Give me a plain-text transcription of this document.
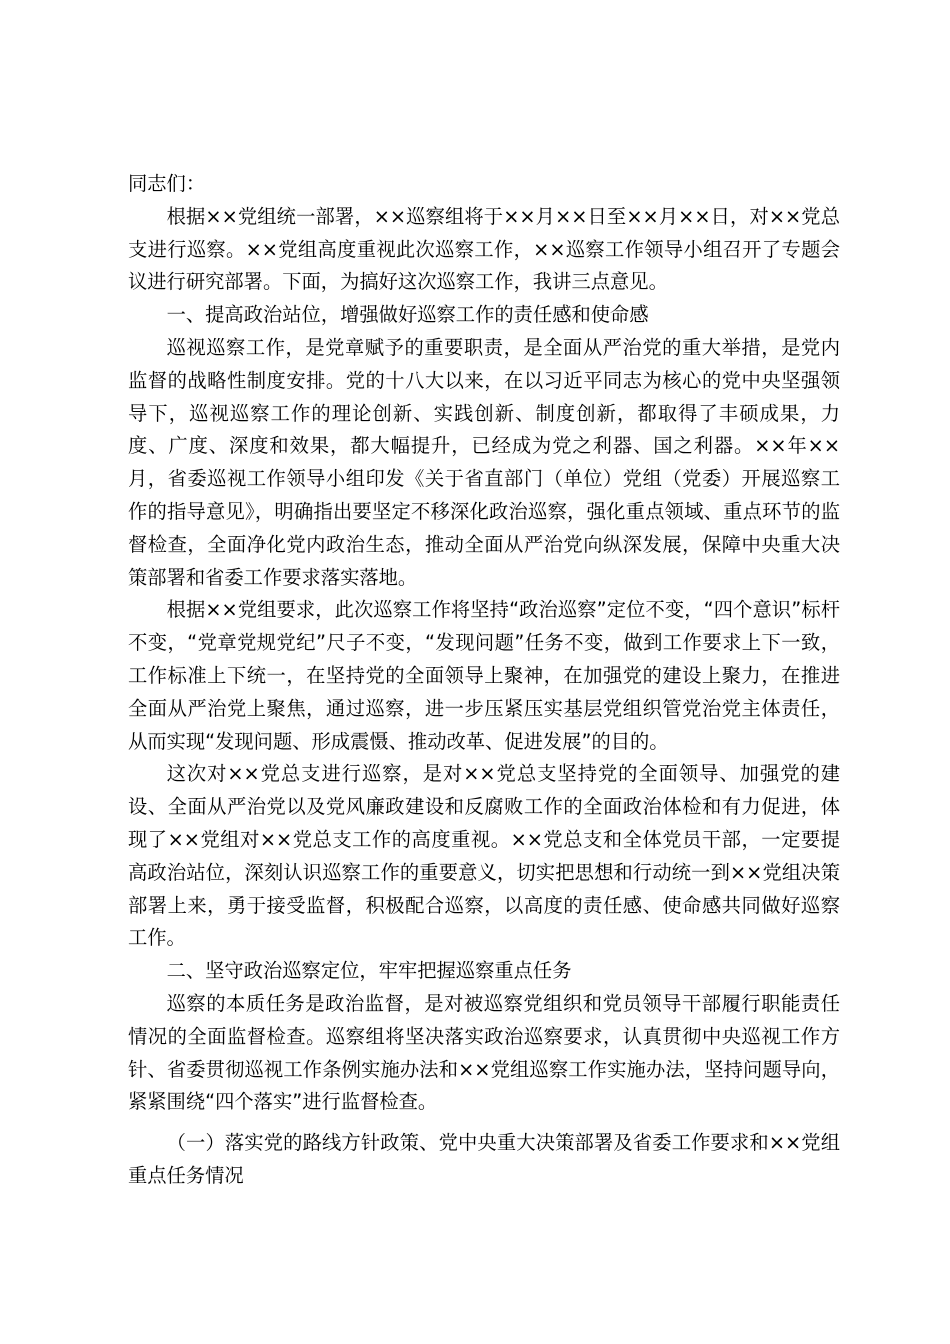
同志们：

根据××党组统一部署，××巡察组将于××月××日至××月××日，对××党总支进行巡察。××党组高度重视此次巡察工作，××巡察工作领导小组召开了专题会议进行研究部署。下面，为搞好这次巡察工作，我讲三点意见。

一、提高政治站位，增强做好巡察工作的责任感和使命感

巡视巡察工作，是党章赋予的重要职责，是全面从严治党的重大举措，是党内监督的战略性制度安排。党的十八大以来，在以习近平同志为核心的党中央坚强领导下，巡视巡察工作的理论创新、实践创新、制度创新，都取得了丰硕成果，力度、广度、深度和效果，都大幅提升，已经成为党之利器、国之利器。××年××月，省委巡视工作领导小组印发《关于省直部门（单位）党组（党委）开展巡察工作的指导意见》，明确指出要坚定不移深化政治巡察，强化重点领域、重点环节的监督检查，全面净化党内政治生态，推动全面从严治党向纵深发展，保障中央重大决策部署和省委工作要求落实落地。

根据××党组要求，此次巡察工作将坚持“政治巡察”定位不变，“四个意识”标杆不变，“党章党规党纪”尺子不变，“发现问题”任务不变，做到工作要求上下一致，工作标准上下统一，在坚持党的全面领导上聚神，在加强党的建设上聚力，在推进全面从严治党上聚焦，通过巡察，进一步压紧压实基层党组织管党治党主体责任，从而实现“发现问题、形成震慑、推动改革、促进发展”的目的。

这次对××党总支进行巡察，是对××党总支坚持党的全面领导、加强党的建设、全面从严治党以及党风廉政建设和反腐败工作的全面政治体检和有力促进，体现了××党组对××党总支工作的高度重视。××党总支和全体党员干部，一定要提高政治站位，深刻认识巡察工作的重要意义，切实把思想和行动统一到××党组决策部署上来，勇于接受监督，积极配合巡察，以高度的责任感、使命感共同做好巡察工作。

二、坚守政治巡察定位，牢牢把握巡察重点任务

巡察的本质任务是政治监督，是对被巡察党组织和党员领导干部履行职能责任情况的全面监督检查。巡察组将坚决落实政治巡察要求，认真贯彻中央巡视工作方针、省委贯彻巡视工作条例实施办法和××党组巡察工作实施办法，坚持问题导向，紧紧围绕“四个落实”进行监督检查。

（一）落实党的路线方针政策、党中央重大决策部署及省委工作要求和××党组重点任务情况
